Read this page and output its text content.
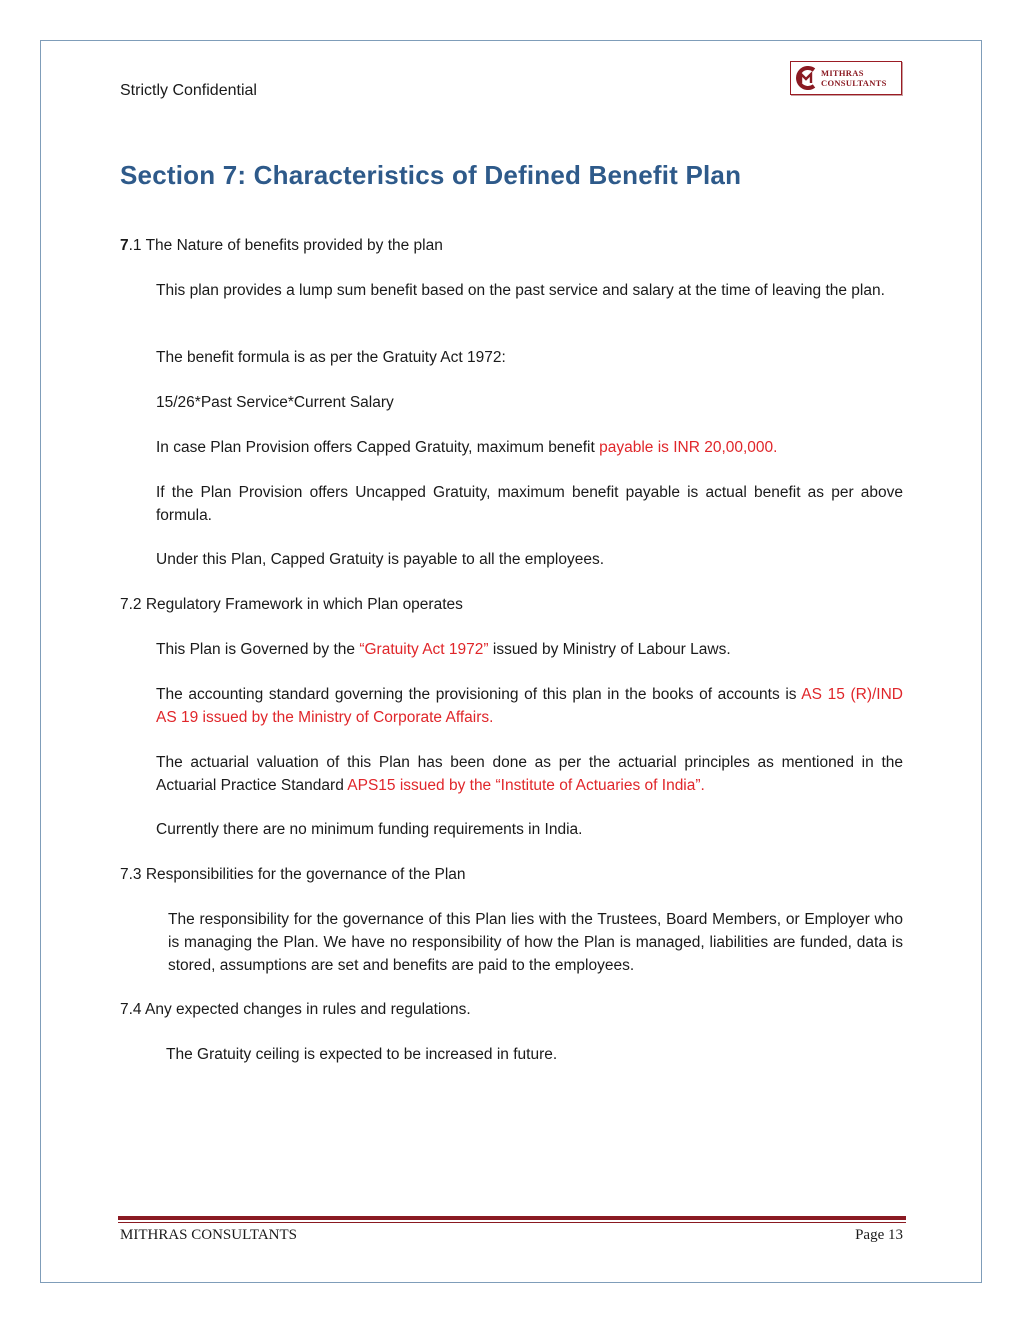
Strictly Confidential
MITHRAS
CONSULTANTS
Section 7: Characteristics of Defined Benefit Plan

7.1 The Nature of benefits provided by the plan

This plan provides a lump sum benefit based on the past service and salary at the time of leaving the plan.

The benefit formula is as per the Gratuity Act 1972:

15/26*Past Service*Current Salary

In case Plan Provision offers Capped Gratuity, maximum benefit payable is INR 20,00,000.

If the Plan Provision offers Uncapped Gratuity, maximum benefit payable is actual benefit as per above formula.

Under this Plan, Capped Gratuity is payable to all the employees.

7.2 Regulatory Framework in which Plan operates

This Plan is Governed by the “Gratuity Act 1972” issued by Ministry of Labour Laws.

The accounting standard governing the provisioning of this plan in the books of accounts is AS 15 (R)/IND AS 19 issued by the Ministry of Corporate Affairs.

The actuarial valuation of this Plan has been done as per the actuarial principles as mentioned in the Actuarial Practice Standard APS15 issued by the “Institute of Actuaries of India”.

Currently there are no minimum funding requirements in India.

7.3 Responsibilities for the governance of the Plan

The responsibility for the governance of this Plan lies with the Trustees, Board Members, or Employer who is managing the Plan. We have no responsibility of how the Plan is managed, liabilities are funded, data is stored, assumptions are set and benefits are paid to the employees.

7.4 Any expected changes in rules and regulations.

The Gratuity ceiling is expected to be increased in future.

MITHRAS CONSULTANTS	Page 13
